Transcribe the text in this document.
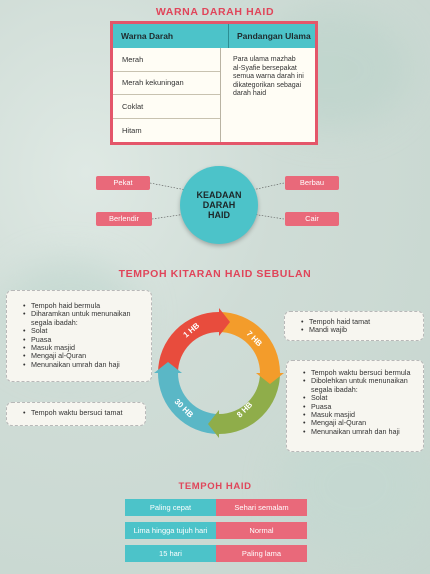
WARNA DARAH HAID
Warna Darah	Pandangan Ulama
Merah
Merah kekuningan
Coklat
Hitam
Para ulama mazhab al-Syafie bersepakat semua warna darah ini dikategorikan sebagai darah haid
Pekat	Berbau
Berlendir	Cair
KEADAAN DARAH HAID
TEMPOH KITARAN HAID SEBULAN
1 HB	7 HB
8 HB
30 HB
• Tempoh haid bermula
• Diharamkan untuk menunaikan segala ibadah:
• Solat
• Puasa
• Masuk masjid
• Mengaji al-Quran
• Menunaikan umrah dan haji
• Tempoh haid tamat
• Mandi wajib
• Tempoh waktu bersuci bermula
• Dibolehkan untuk menunaikan segala ibadah:
• Solat
• Puasa
• Masuk masjid
• Mengaji al-Quran
• Menunaikan umrah dan haji
• Tempoh waktu bersuci tamat
TEMPOH HAID
Paling cepat	Sehari semalam
Lima hingga tujuh hari	Normal
15 hari	Paling lama
